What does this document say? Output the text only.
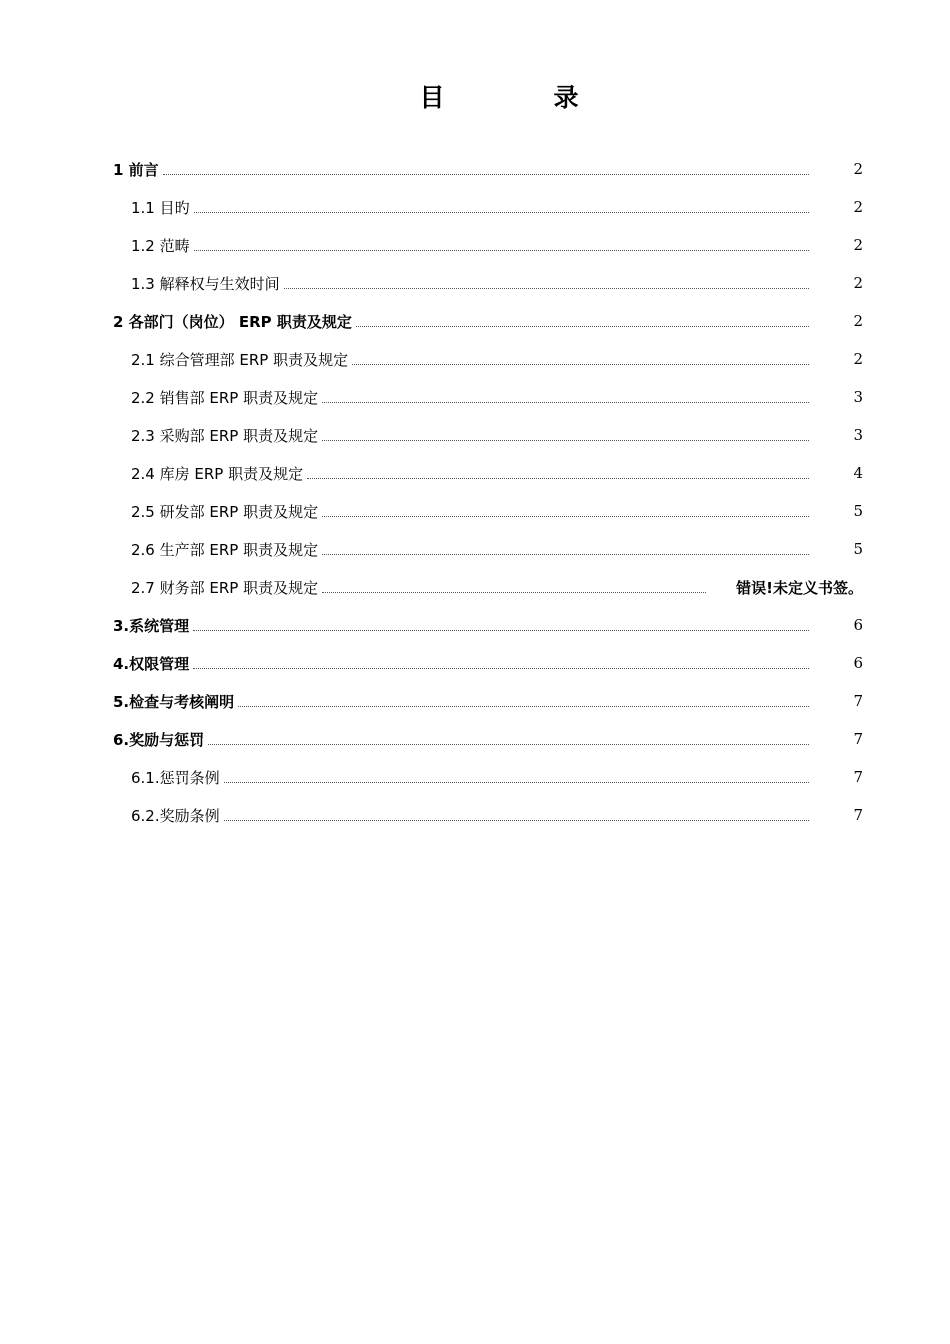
目　录
1 前言	2
1.1 目旳	2
1.2 范畴	2
1.3 解释权与生效时间	2
2 各部门（岗位） ERP 职责及规定	2
2.1 综合管理部 ERP 职责及规定	2
2.2 销售部 ERP 职责及规定	3
2.3 采购部 ERP 职责及规定	3
2.4 库房 ERP 职责及规定	4
2.5 研发部 ERP 职责及规定	5
2.6 生产部 ERP 职责及规定	5
2.7 财务部 ERP 职责及规定	错误!未定义书签。
3.系统管理	6
4.权限管理	6
5.检查与考核阐明	7
6.奖励与惩罚	7
6.1.惩罚条例	7
6.2.奖励条例	7
